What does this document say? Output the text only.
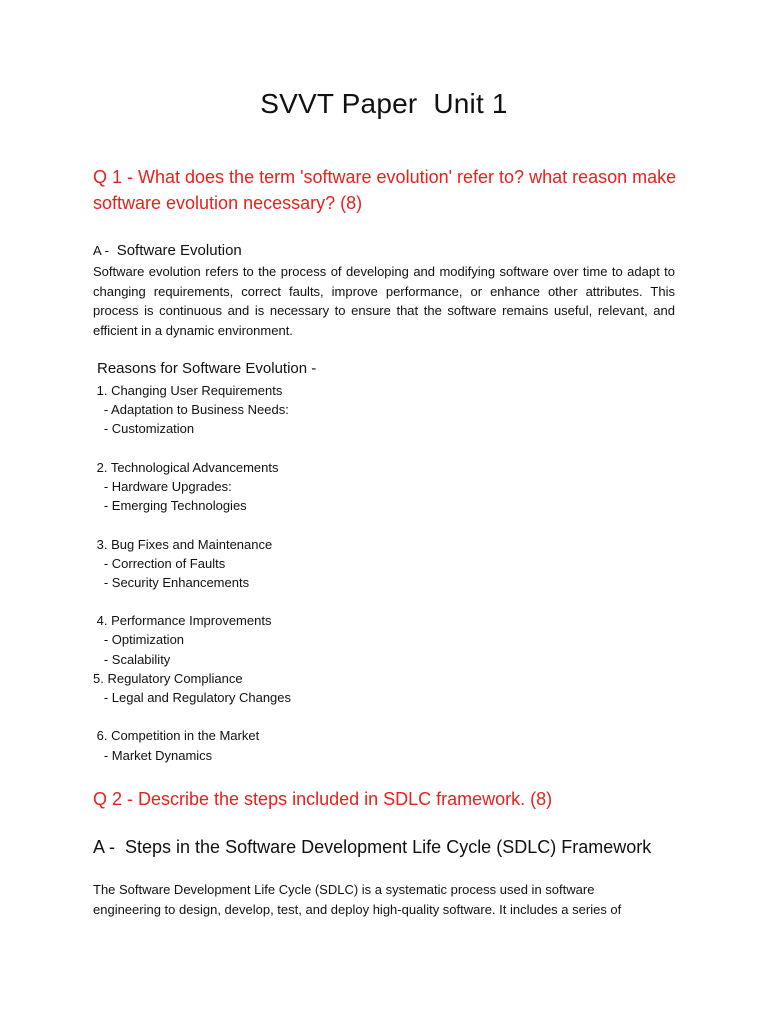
SVVT Paper  Unit 1
Q 1 - What does the term 'software evolution' refer to? what reason make software evolution necessary? (8)
A -  Software Evolution
Software evolution refers to the process of developing and modifying software over time to adapt to changing requirements, correct faults, improve performance, or enhance other attributes. This process is continuous and is necessary to ensure that the software remains useful, relevant, and efficient in a dynamic environment.
Reasons for Software Evolution -
1. Changing User Requirements
- Adaptation to Business Needs:
- Customization
2. Technological Advancements
- Hardware Upgrades:
- Emerging Technologies
3. Bug Fixes and Maintenance
- Correction of Faults
- Security Enhancements
4. Performance Improvements
- Optimization
- Scalability
5. Regulatory Compliance
- Legal and Regulatory Changes
6. Competition in the Market
- Market Dynamics
Q 2 - Describe the steps included in SDLC framework. (8)
A -  Steps in the Software Development Life Cycle (SDLC) Framework
The Software Development Life Cycle (SDLC) is a systematic process used in software
engineering to design, develop, test, and deploy high-quality software. It includes a series of
